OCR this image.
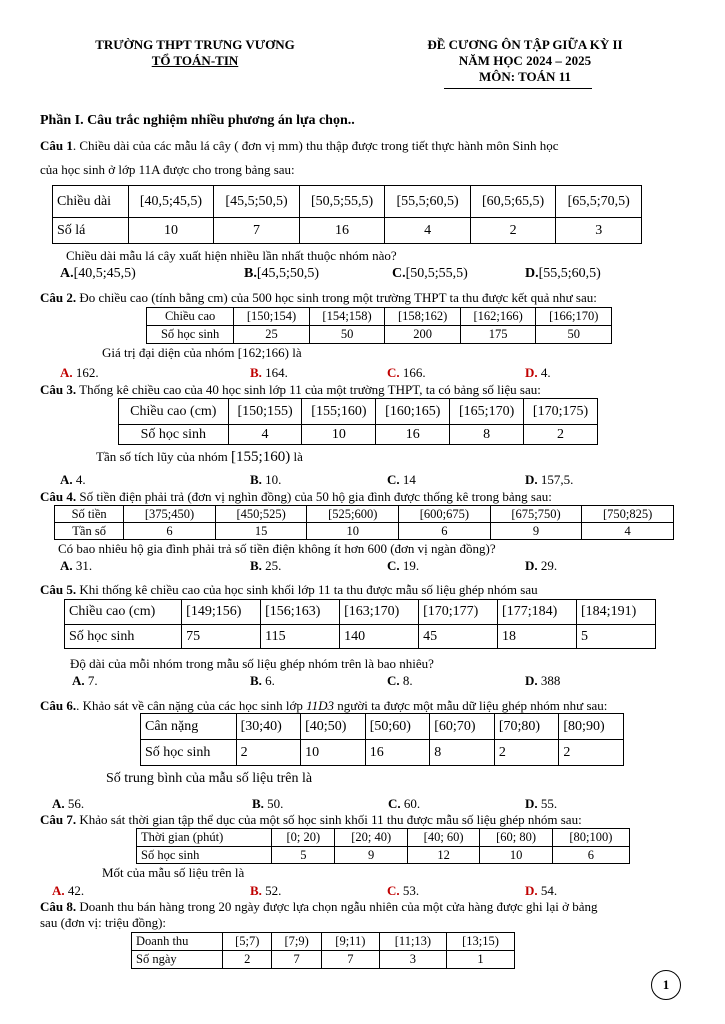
TRƯỜNG THPT TRƯNG VƯƠNG
TỔ TOÁN-TIN
ĐỀ CƯƠNG ÔN TẬP GIỮA KỲ II
NĂM HỌC 2024 – 2025
MÔN: TOÁN 11
Phần I. Câu trắc nghiệm nhiều phương án lựa chọn..
Câu 1. Chiều dài của các mẫu lá cây ( đơn vị mm) thu thập được trong tiết thực hành môn Sinh học
của học sinh ở lớp 11A được cho trong bảng sau:
Chiều dài	[40,5;45,5)	[45,5;50,5)	[50,5;55,5)	[55,5;60,5)	[60,5;65,5)	[65,5;70,5)
Số lá	10	7	16	4	2	3
Chiều dài mẫu lá cây xuất hiện nhiều lần nhất thuộc nhóm nào?
A.[40,5;45,5)	B.[45,5;50,5)	C.[50,5;55,5)	D.[55,5;60,5)
Câu 2. Đo chiều cao (tính bằng cm) của 500 học sinh trong một trường THPT ta thu được kết quả như sau:
Chiều cao	[150;154)	[154;158)	[158;162)	[162;166)	[166;170)
Số học sinh	25	50	200	175	50
Giá trị đại diện của nhóm [162;166) là
A. 162.	B. 164.	C. 166.	D. 4.
Câu 3. Thống kê chiều cao của 40 học sinh lớp 11 của một trường THPT, ta có bảng số liệu sau:
Chiều cao (cm)	[150;155)	[155;160)	[160;165)	[165;170)	[170;175)
Số học sinh	4	10	16	8	2
Tần số tích lũy của nhóm [155;160) là
A. 4.	B. 10.	C. 14	D. 157,5.
Câu 4. Số tiền điện phải trả (đơn vị nghìn đồng) của 50 hộ gia đình được thống kê trong bảng sau:
Số tiền	[375;450)	[450;525)	[525;600)	[600;675)	[675;750)	[750;825)
Tần số	6	15	10	6	9	4
Có bao nhiêu hộ gia đình phải trả số tiền điện không ít hơn 600 (đơn vị ngàn đồng)?
A. 31.	B. 25.	C. 19.	D. 29.
Câu 5. Khi thống kê chiều cao của học sinh khối lớp 11 ta thu được mẫu số liệu ghép nhóm sau
Chiều cao (cm)	[149;156)	[156;163)	[163;170)	[170;177)	[177;184)	[184;191)
Số học sinh	75	115	140	45	18	5
Độ dài của mỗi nhóm trong mẫu số liệu ghép nhóm trên là bao nhiêu?
A. 7.	B. 6.	C. 8.	D. 388
Câu 6.. Khảo sát về cân nặng của các học sinh lớp 11D3 người ta được một mẫu dữ liệu ghép nhóm như sau:
Cân nặng	[30;40)	[40;50)	[50;60)	[60;70)	[70;80)	[80;90)
Số học sinh	2	10	16	8	2	2
Số trung bình của mẫu số liệu trên là
A. 56.	B. 50.	C. 60.	D. 55.
Câu 7. Khảo sát thời gian tập thể dục của một số học sinh khối 11 thu được mẫu số liệu ghép nhóm sau:
Thời gian (phút)	[0; 20)	[20; 40)	[40; 60)	[60; 80)	[80;100)
Số học sinh	5	9	12	10	6
Mốt của mẫu số liệu trên là
A. 42.	B. 52.	C. 53.	D. 54.
Câu 8. Doanh thu bán hàng trong 20 ngày được lựa chọn ngẫu nhiên của một cửa hàng được ghi lại ở bảng
sau (đơn vị: triệu đồng):
Doanh thu	[5;7)	[7;9)	[9;11)	[11;13)	[13;15)
Số ngày	2	7	7	3	1
1
